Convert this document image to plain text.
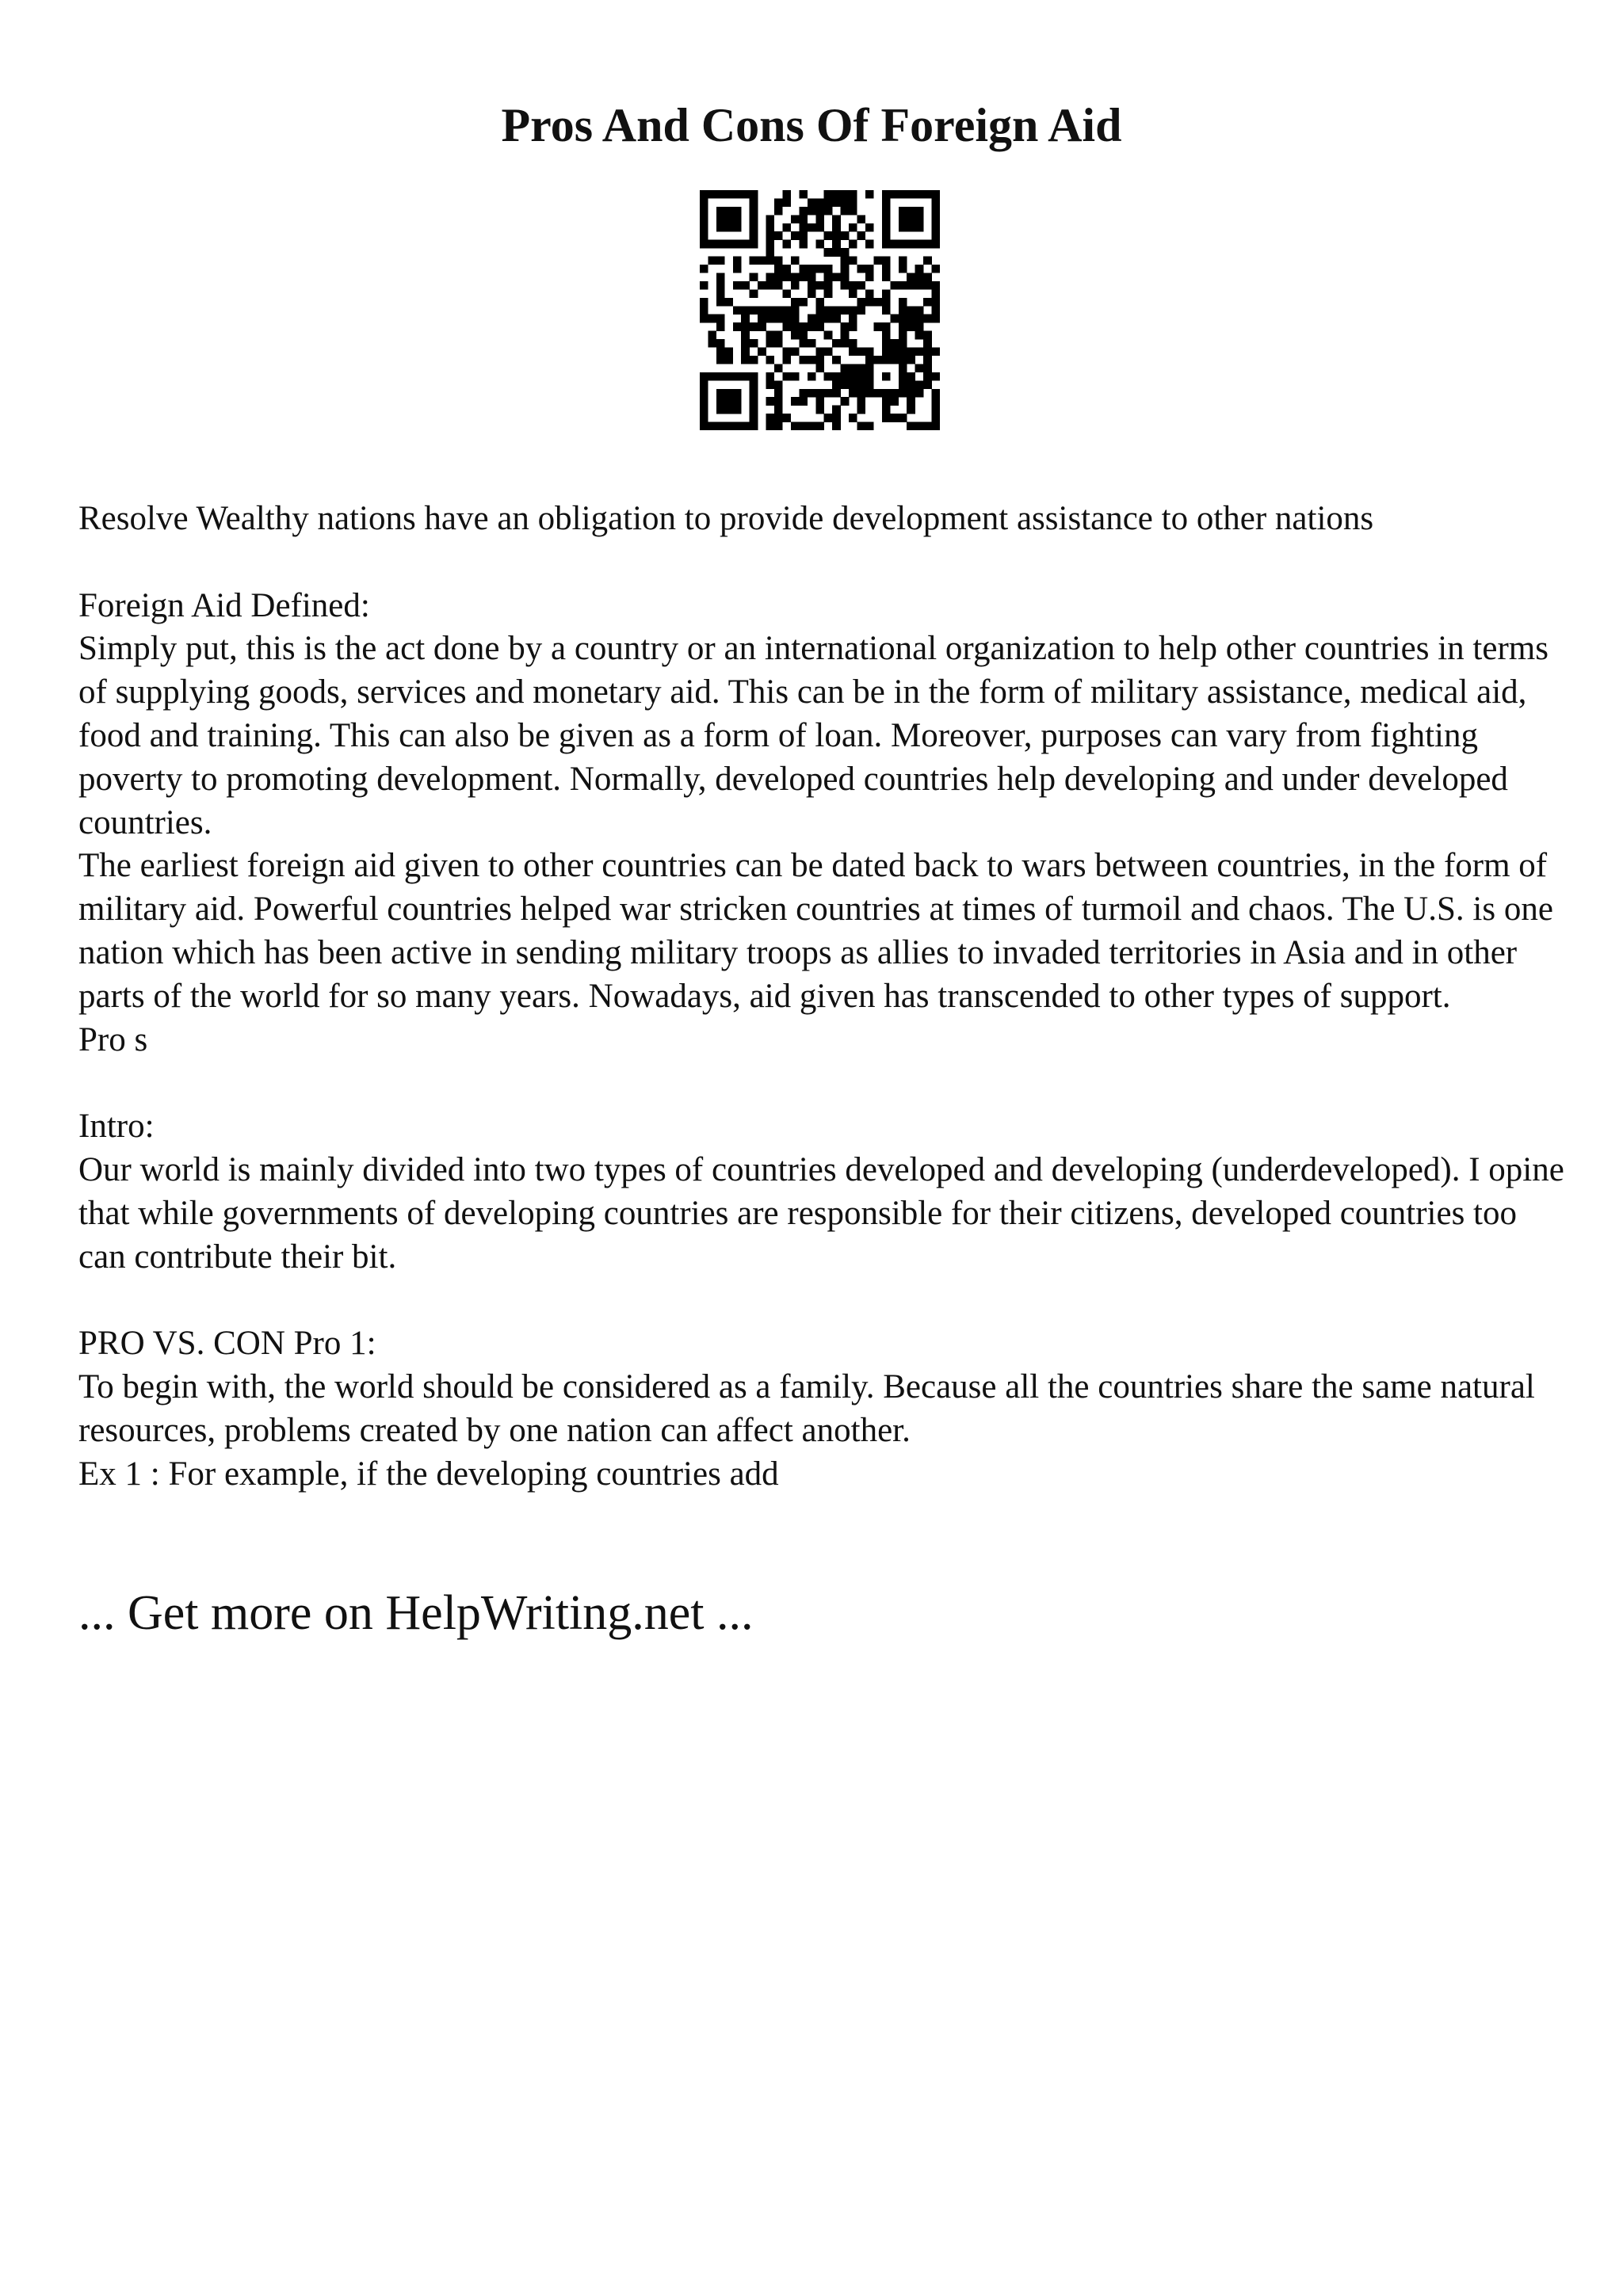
Pros And Cons Of Foreign Aid

Resolve Wealthy nations have an obligation to provide development assistance to other nations

Foreign Aid Defined:

Simply put, this is the act done by a country or an international organization to help other countries in terms of supplying goods, services and monetary aid. This can be in the form of military assistance, medical aid, food and training. This can also be given as a form of loan. Moreover, purposes can vary from fighting poverty to promoting development. Normally, developed countries help developing and under developed countries.

The earliest foreign aid given to other countries can be dated back to wars between countries, in the form of military aid. Powerful countries helped war stricken countries at times of turmoil and chaos. The U.S. is one nation which has been active in sending military troops as allies to invaded territories in Asia and in other parts of the world for so many years. Nowadays, aid given has transcended to other types of support.

Pro s

Intro:

Our world is mainly divided into two types of countries developed and developing (underdeveloped). I opine that while governments of developing countries are responsible for their citizens, developed countries too can contribute their bit.

PRO VS. CON Pro 1:

To begin with, the world should be considered as a family. Because all the countries share the same natural resources, problems created by one nation can affect another.

Ex 1 : For example, if the developing countries add

... Get more on HelpWriting.net ...
